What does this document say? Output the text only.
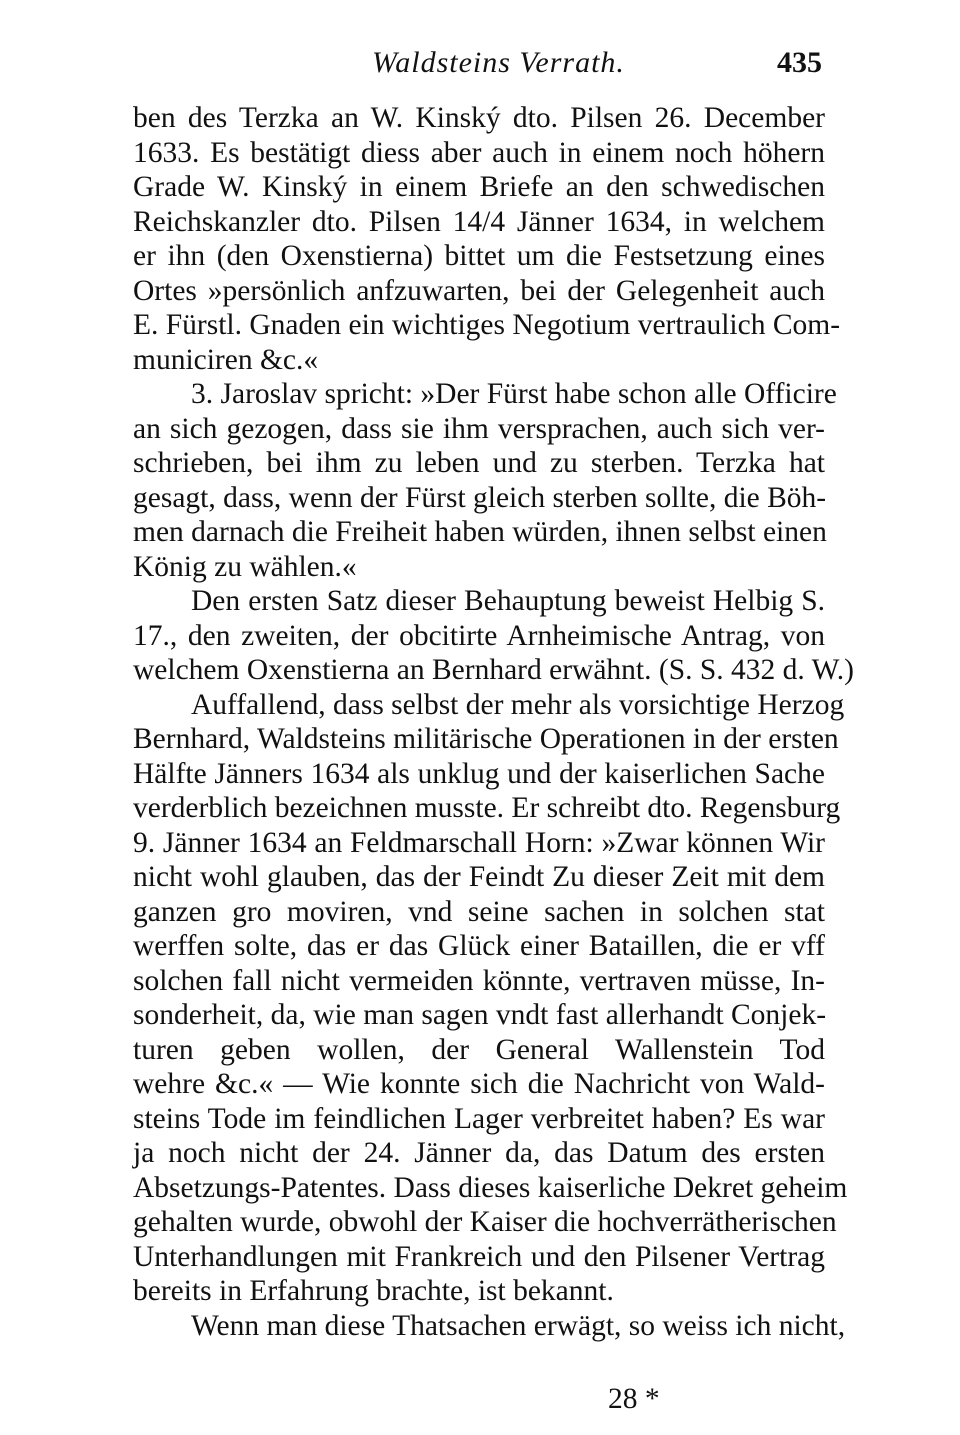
Waldsteins Verrath.	435
ben des Terzka an W. Kinský dto. Pilsen 26. December
1633. Es bestätigt diess aber auch in einem noch höhern
Grade W. Kinský in einem Briefe an den schwedischen
Reichskanzler dto. Pilsen 14/4 Jänner 1634, in welchem
er ihn (den Oxenstierna) bittet um die Festsetzung eines
Ortes »persönlich anfzuwarten, bei der Gelegenheit auch
E. Fürstl. Gnaden ein wichtiges Negotium vertraulich Com-
municiren &c.«
3. Jaroslav spricht: »Der Fürst habe schon alle Officire
an sich gezogen, dass sie ihm versprachen, auch sich ver-
schrieben, bei ihm zu leben und zu sterben. Terzka hat
gesagt, dass, wenn der Fürst gleich sterben sollte, die Böh-
men darnach die Freiheit haben würden, ihnen selbst einen
König zu wählen.«
Den ersten Satz dieser Behauptung beweist Helbig S.
17., den zweiten, der obcitirte Arnheimische Antrag, von
welchem Oxenstierna an Bernhard erwähnt. (S. S. 432 d. W.)
Auffallend, dass selbst der mehr als vorsichtige Herzog
Bernhard, Waldsteins militärische Operationen in der ersten
Hälfte Jänners 1634 als unklug und der kaiserlichen Sache
verderblich bezeichnen musste. Er schreibt dto. Regensburg
9. Jänner 1634 an Feldmarschall Horn: »Zwar können Wir
nicht wohl glauben, das der Feindt Zu dieser Zeit mit dem
ganzen gro moviren, vnd seine sachen in solchen stat
werffen solte, das er das Glück einer Bataillen, die er vff
solchen fall nicht vermeiden könnte, vertraven müsse, In-
sonderheit, da, wie man sagen vndt fast allerhandt Conjek-
turen geben wollen, der General Wallenstein Tod
wehre &c.« — Wie konnte sich die Nachricht von Wald-
steins Tode im feindlichen Lager verbreitet haben? Es war
ja noch nicht der 24. Jänner da, das Datum des ersten
Absetzungs-Patentes. Dass dieses kaiserliche Dekret geheim
gehalten wurde, obwohl der Kaiser die hochverrätherischen
Unterhandlungen mit Frankreich und den Pilsener Vertrag
bereits in Erfahrung brachte, ist bekannt.
Wenn man diese Thatsachen erwägt, so weiss ich nicht,
28 *
